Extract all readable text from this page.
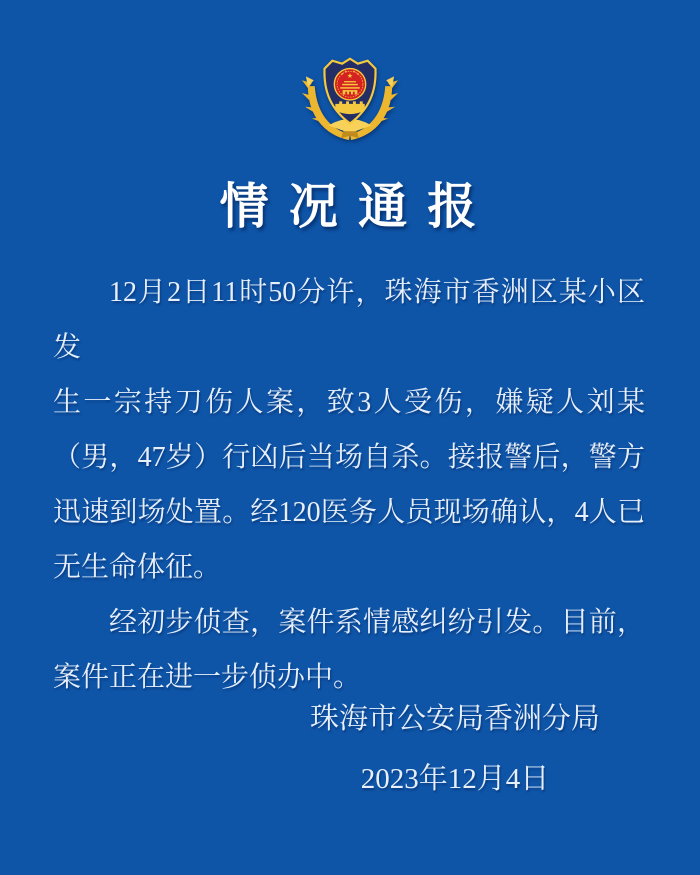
★
★
★ ★
★
情 况 通 报
12月2日11时50分许，珠海市香洲区某小区发
生一宗持刀伤人案，致3人受伤，嫌疑人刘某
（男，47岁）行凶后当场自杀。接报警后，警方
迅速到场处置。经120医务人员现场确认，4人已
无生命体征。
经初步侦查，案件系情感纠纷引发。目前，
案件正在进一步侦办中。
珠海市公安局香洲分局
2023年12月4日
